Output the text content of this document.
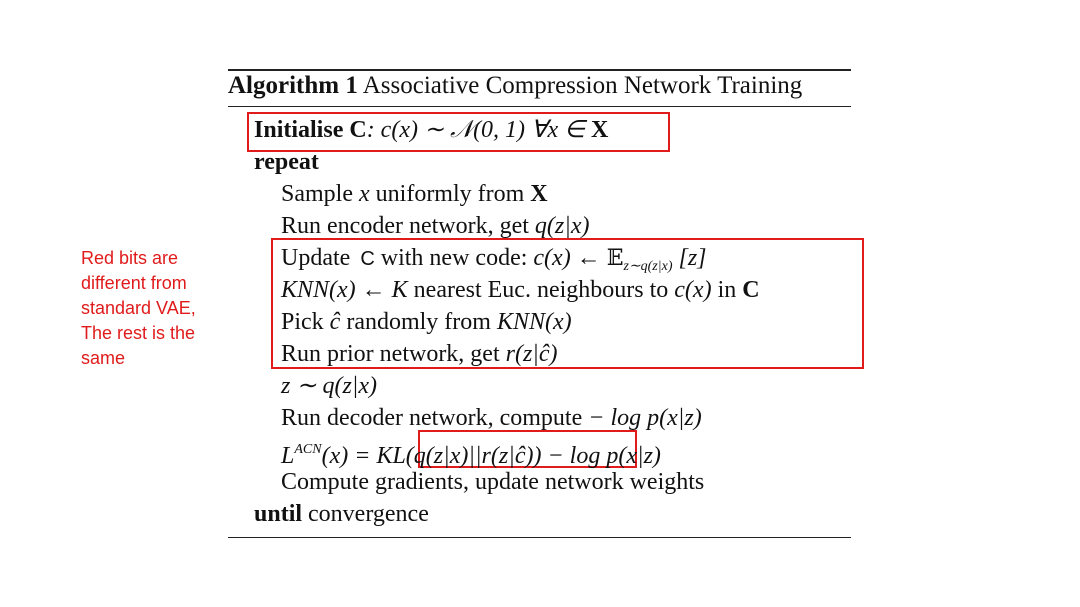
Red bits are
different from
standard VAE,
The rest is the
same
Algorithm 1 Associative Compression Network Training
Initialise C: c(x) ∼ 𝒩(0, 1) ∀x ∈ X
repeat
Sample x uniformly from X
Run encoder network, get q(z|x)
Update C with new code: c(x) ← 𝔼$_{z\sim q(z|x)}$ [z]
KNN(x) ← K nearest Euc. neighbours to c(x) in C
Pick ĉ randomly from KNN(x)
Run prior network, get r(z|ĉ)
z ∼ q(z|x)
Run decoder network, compute − log p(x|z)
$L^{ACN}(x)$ = KL(q(z|x)||r(z|ĉ)) − log p(x|z)
Compute gradients, update network weights
until convergence
